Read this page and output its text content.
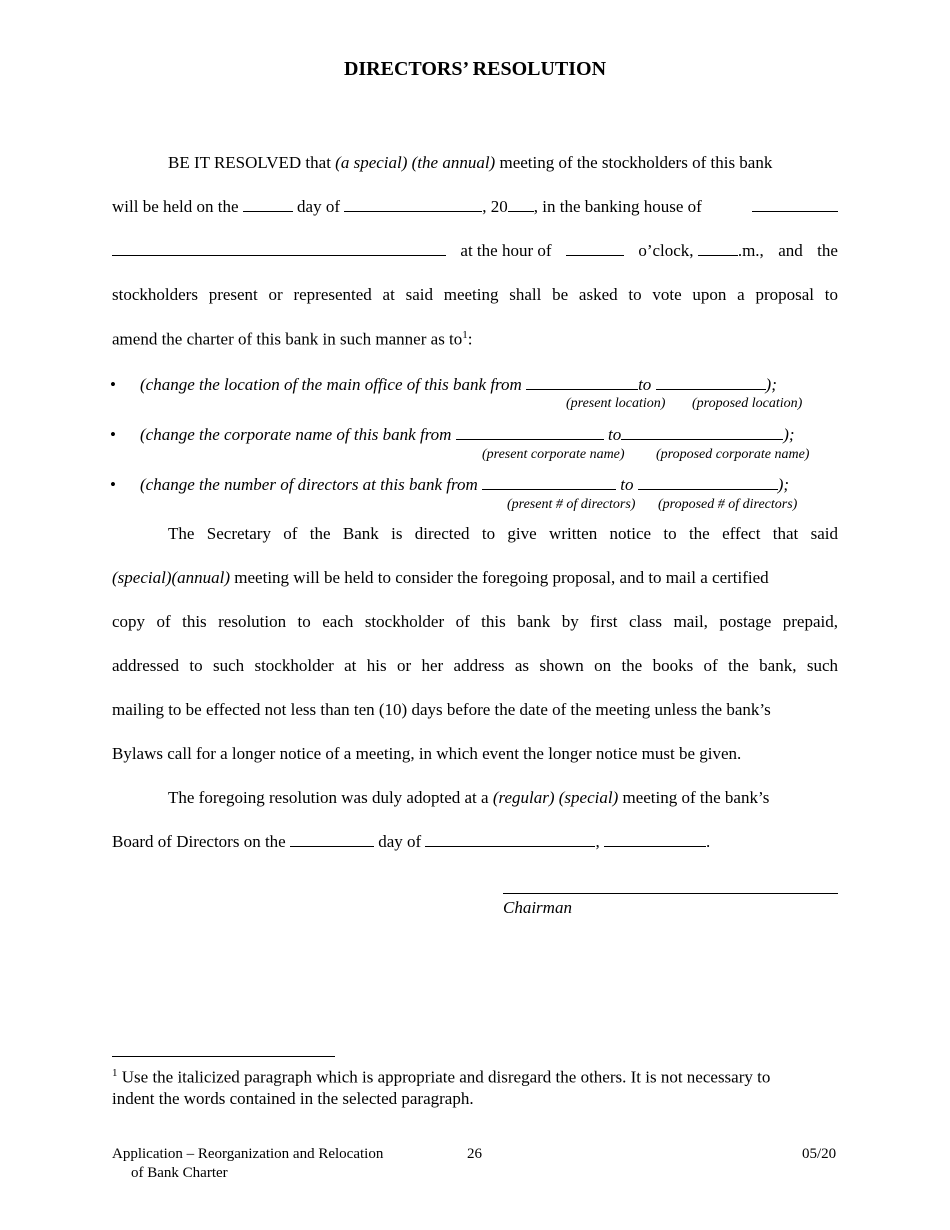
DIRECTORS’ RESOLUTION
BE IT RESOLVED that (a special) (the annual) meeting of the stockholders of this bank
will be held on the	day of	, 20 , in the banking house of
at the hour of	o’clock,	.m., and the
stockholders present or represented at said meeting shall be asked to vote upon a proposal to
amend the charter of this bank in such manner as $to^1$:
• (change the location of the main office of this bank from	to	);
(present location) (proposed location)
• (change the corporate name of this bank from	to	);
(present corporate name) (proposed corporate name)
• (change the number of directors at this bank from	to	);
(present # of directors) (proposed # of directors)
The Secretary of the Bank is directed to give written notice to the effect that said
(special)(annual) meeting will be held to consider the foregoing proposal, and to mail a certified
copy of this resolution to each stockholder of this bank by first class mail, postage prepaid,
addressed to such stockholder at his or her address as shown on the books of the bank, such
mailing to be effected not less than ten (10) days before the date of the meeting unless the bank’s
Bylaws call for a longer notice of a meeting, in which event the longer notice must be given.
The foregoing resolution was duly adopted at a (regular) (special) meeting of the bank’s
Board of Directors on the	day of	,	.
Chairman
$^1$ Use the italicized paragraph which is appropriate and disregard the others. It is not necessary to
indent the words contained in the selected paragraph.
Application – Reorganization and Relocation
of Bank Charter
26	05/20
